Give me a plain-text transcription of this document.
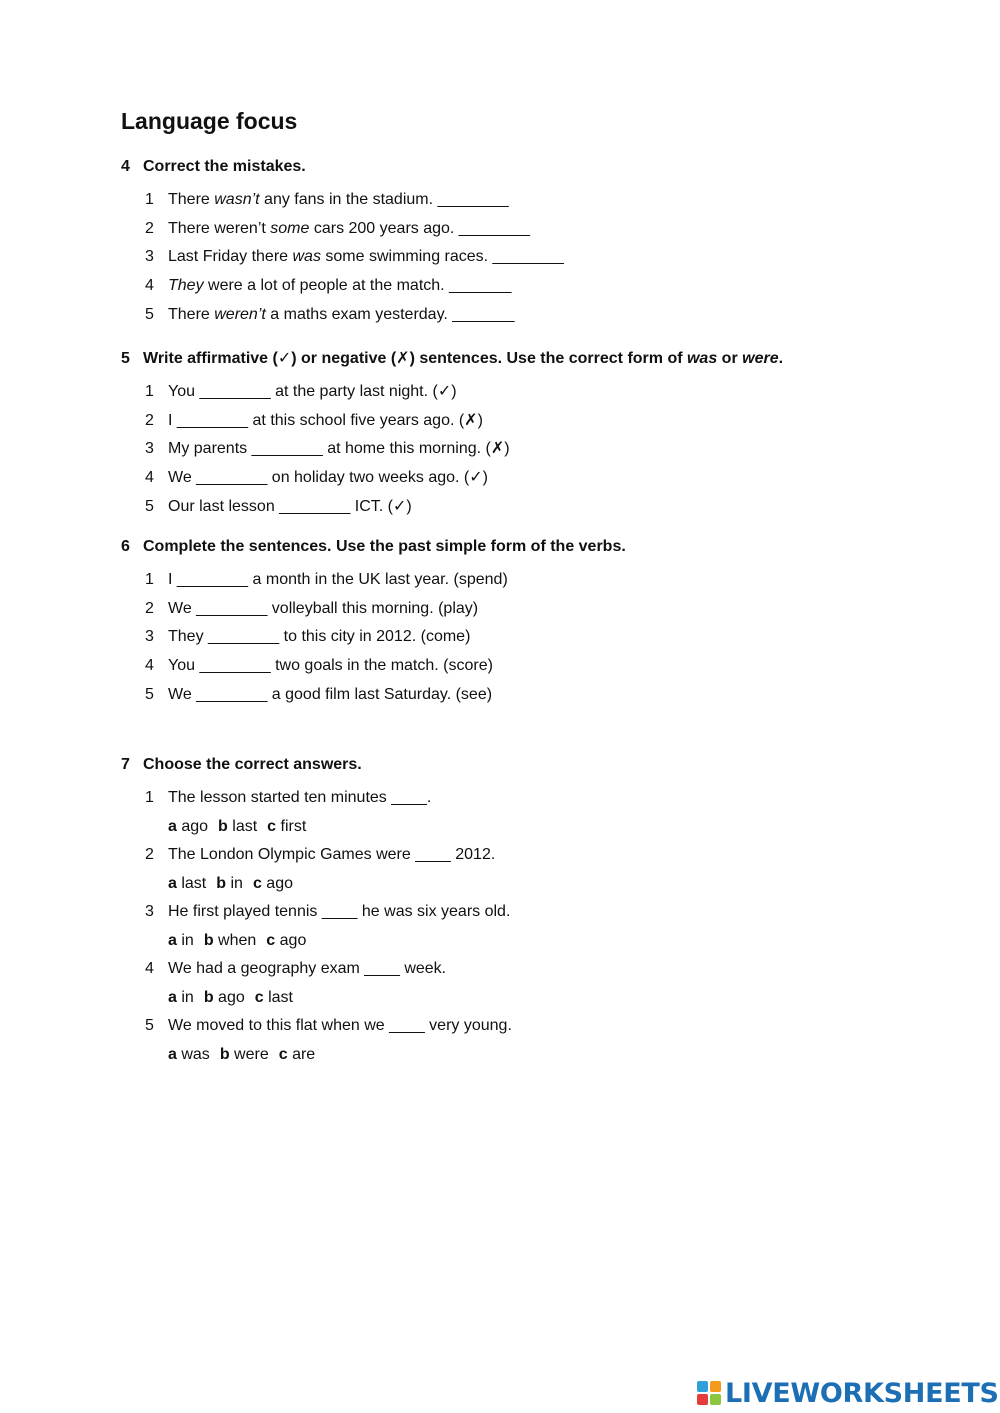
Language focus
4 Correct the mistakes.
1 There wasn’t any fans in the stadium. ________
2 There weren’t some cars 200 years ago. ________
3 Last Friday there was some swimming races. ________
4 They were a lot of people at the match. _______
5 There weren’t a maths exam yesterday. _______
5 Write affirmative (✓) or negative (✗) sentences. Use the correct form of was or were.
1 You ________ at the party last night. (✓)
2 I ________ at this school five years ago. (✗)
3 My parents ________ at home this morning. (✗)
4 We ________ on holiday two weeks ago. (✓)
5 Our last lesson ________ ICT. (✓)
6 Complete the sentences. Use the past simple form of the verbs.
1 I ________ a month in the UK last year. (spend)
2 We ________ volleyball this morning. (play)
3 They ________ to this city in 2012. (come)
4 You ________ two goals in the match. (score)
5 We ________ a good film last Saturday. (see)
7 Choose the correct answers.
1 The lesson started ten minutes ____.
a ago b last c first
2 The London Olympic Games were ____ 2012.
a last b in c ago
3 He first played tennis ____ he was six years old.
a in b when c ago
4 We had a geography exam ____ week.
a in b ago c last
5 We moved to this flat when we ____ very young.
a was b were c are
LIVEWORKSHEETS
